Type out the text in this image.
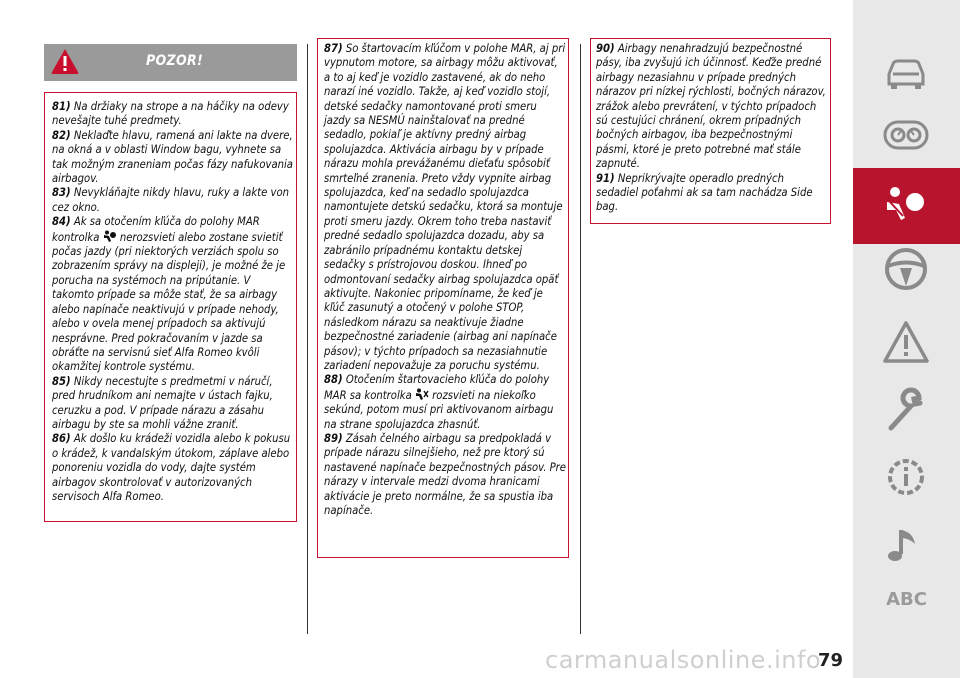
POZOR!

81) Na držiaky na strope a na háčiky na odevy nevešajte tuhé predmety.

82) Neklaďte hlavu, ramená ani lakte na dvere, na okná a v oblasti Window bagu, vyhnete sa tak možným zraneniam počas fázy nafukovania airbagov.

83) Nevykláňajte nikdy hlavu, ruky a lakte von cez okno.

84) Ak sa otočením kľúča do polohy MAR kontrolka nerozsvieti alebo zostane svietiť počas jazdy (pri niektorých verziách spolu so zobrazením správy na displeji), je možné že je porucha na systémoch na pripútanie. V takomto prípade sa môže stať, že sa airbagy alebo napínače neaktivujú v prípade nehody, alebo v ovela menej prípadoch sa aktivujú nesprávne. Pred pokračovaním v jazde sa obráťte na servisnú sieť Alfa Romeo kvôli okamžitej kontrole systému.

85) Nikdy necestujte s predmetmi v náručí, pred hrudníkom ani nemajte v ústach fajku, ceruzku a pod. V prípade nárazu a zásahu airbagu by ste sa mohli vážne zraniť.

86) Ak došlo ku krádeži vozidla alebo k pokusu o krádež, k vandalským útokom, záplave alebo ponoreniu vozidla do vody, dajte systém airbagov skontrolovať v autorizovaných servisoch Alfa Romeo.

87) So štartovacím kľúčom v polohe MAR, aj pri vypnutom motore, sa airbagy môžu aktivovať, a to aj keď je vozidlo zastavené, ak do neho narazí iné vozidlo. Takže, aj keď vozidlo stojí, detské sedačky namontované proti smeru jazdy sa NESMÚ nainštalovať na predné sedadlo, pokiaľ je aktívny predný airbag spolujazdca. Aktivácia airbagu by v prípade nárazu mohla prevážanému dieťaťu spôsobiť smrteľné zranenia. Preto vždy vypnite airbag spolujazdca, keď na sedadlo spolujazdca namontujete detskú sedačku, ktorá sa montuje proti smeru jazdy. Okrem toho treba nastaviť predné sedadlo spolujazdca dozadu, aby sa zabránilo prípadnému kontaktu detskej sedačky s prístrojovou doskou. Ihneď po odmontovaní sedačky airbag spolujazdca opäť aktivujte. Nakoniec pripomíname, že keď je kľúč zasunutý a otočený v polohe STOP, následkom nárazu sa neaktivuje žiadne bezpečnostné zariadenie (airbag ani napínače pásov); v týchto prípadoch sa nezasiahnutie zariadení nepovažuje za poruchu systému.

88) Otočením štartovacieho kľúča do polohy MAR sa kontrolka rozsvieti na niekoľko sekúnd, potom musí pri aktivovanom airbagu na strane spolujazdca zhasnúť.

89) Zásah čelného airbagu sa predpokladá v prípade nárazu silnejšieho, než pre ktorý sú nastavené napínače bezpečnostných pásov. Pre nárazy v intervale medzi dvoma hranicami aktivácie je preto normálne, že sa spustia iba napínače.

90) Airbagy nenahradzujú bezpečnostné pásy, iba zvyšujú ich účinnosť. Keďže predné airbagy nezasiahnu v prípade predných nárazov pri nízkej rýchlosti, bočných nárazov, zrážok alebo prevrátení, v týchto prípadoch sú cestujúci chránení, okrem prípadných bočných airbagov, iba bezpečnostnými pásmi, ktoré je preto potrebné mať stále zapnuté.

91) Neprikrývajte operadlo predných sedadiel poťahmi ak sa tam nachádza Side bag.

ABC
carmanualsonline.info
79
